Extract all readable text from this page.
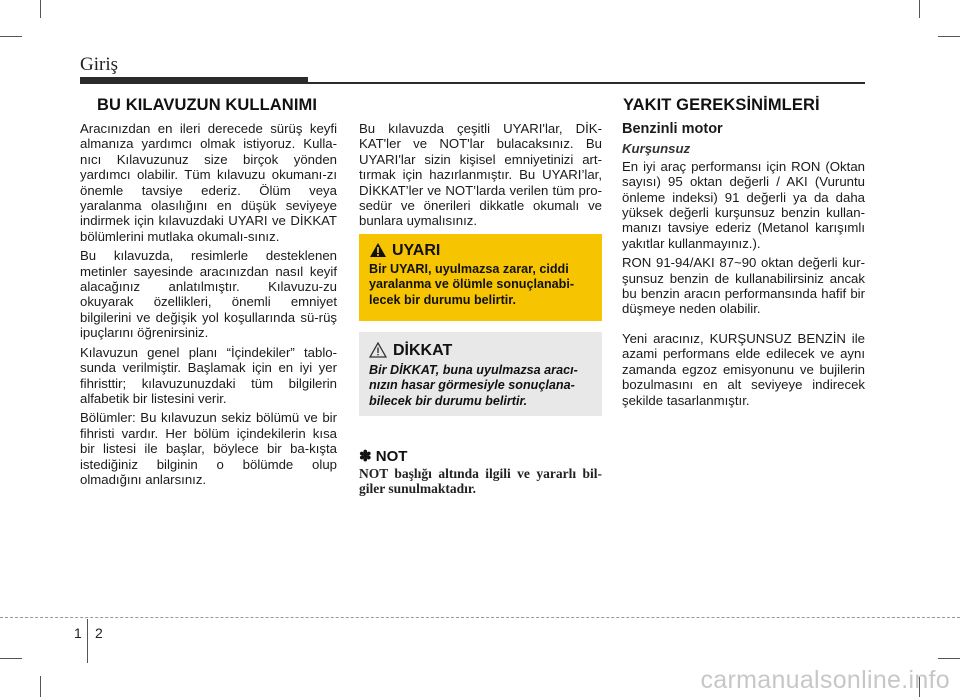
Giriş
BU KILAVUZUN KULLANIMI

Aracınızdan en ileri derecede sürüş keyfi almanıza yardımcı olmak istiyoruz. Kulla-nıcı Kılavuzunuz size birçok yönden yardımcı olabilir. Tüm kılavuzu okumanı-zı önemle tavsiye ederiz. Ölüm veya yaralanma olasılığını en düşük seviyeye indirmek için kılavuzdaki UYARI ve DİKKAT bölümlerini mutlaka okumalı-sınız.

Bu kılavuzda, resimlerle desteklenen metinler sayesinde aracınızdan nasıl keyif alacağınız anlatılmıştır. Kılavuzu-zu okuyarak özellikleri, önemli emniyet bilgilerini ve değişik yol koşullarında sü-rüş ipuçlarını öğrenirsiniz.

Kılavuzun genel planı “İçindekiler” tablo-sunda verilmiştir. Başlamak için en iyi yer fihristtir; kılavuzunuzdaki tüm bilgilerin alfabetik bir listesini verir.

Bölümler: Bu kılavuzun sekiz bölümü ve bir fihristi vardır. Her bölüm içindekilerin kısa bir listesi ile başlar, böylece bir ba-kışta istediğiniz bilginin o bölümde olup olmadığını anlarsınız.

Bu kılavuzda çeşitli UYARI'lar, DİK-KAT'ler ve NOT'lar bulacaksınız. Bu UYARI'lar sizin kişisel emniyetinizi art-tırmak için hazırlanmıştır. Bu UYARI’lar, DİKKAT’ler ve NOT’larda verilen tüm pro-sedür ve önerileri dikkatle okumalı ve bunlara uymalısınız.

UYARI
Bir UYARI, uyulmazsa zarar, ciddi yaralanma ve ölümle sonuçlanabi-lecek bir durumu belirtir.
DİKKAT
Bir DİKKAT, buna uyulmazsa aracı-nızın hasar görmesiyle sonuçlana-bilecek bir durumu belirtir.
✽ NOT
NOT başlığı altında ilgili ve yararlı bil-giler sunulmaktadır.
YAKIT GEREKSİNİMLERİ
Benzinli motor
Kurşunsuz

En iyi araç performansı için RON (Oktan sayısı) 95 oktan değerli / AKI (Vuruntu önleme indeksi) 91 değerli ya da daha yüksek değerli kurşunsuz benzin kullan-manızı tavsiye ederiz (Metanol karışımlı yakıtlar kullanmayınız.).

RON 91-94/AKI 87~90 oktan değerli kur-şunsuz benzin de kullanabilirsiniz ancak bu benzin aracın performansında hafif bir düşmeye neden olabilir.

Yeni aracınız, KURŞUNSUZ BENZİN ile azami performans elde edilecek ve aynı zamanda egzoz emisyonunu ve bujilerin bozulmasını en alt seviyeye indirecek şekilde tasarlanmıştır.

1 2
carmanualsonline.info
